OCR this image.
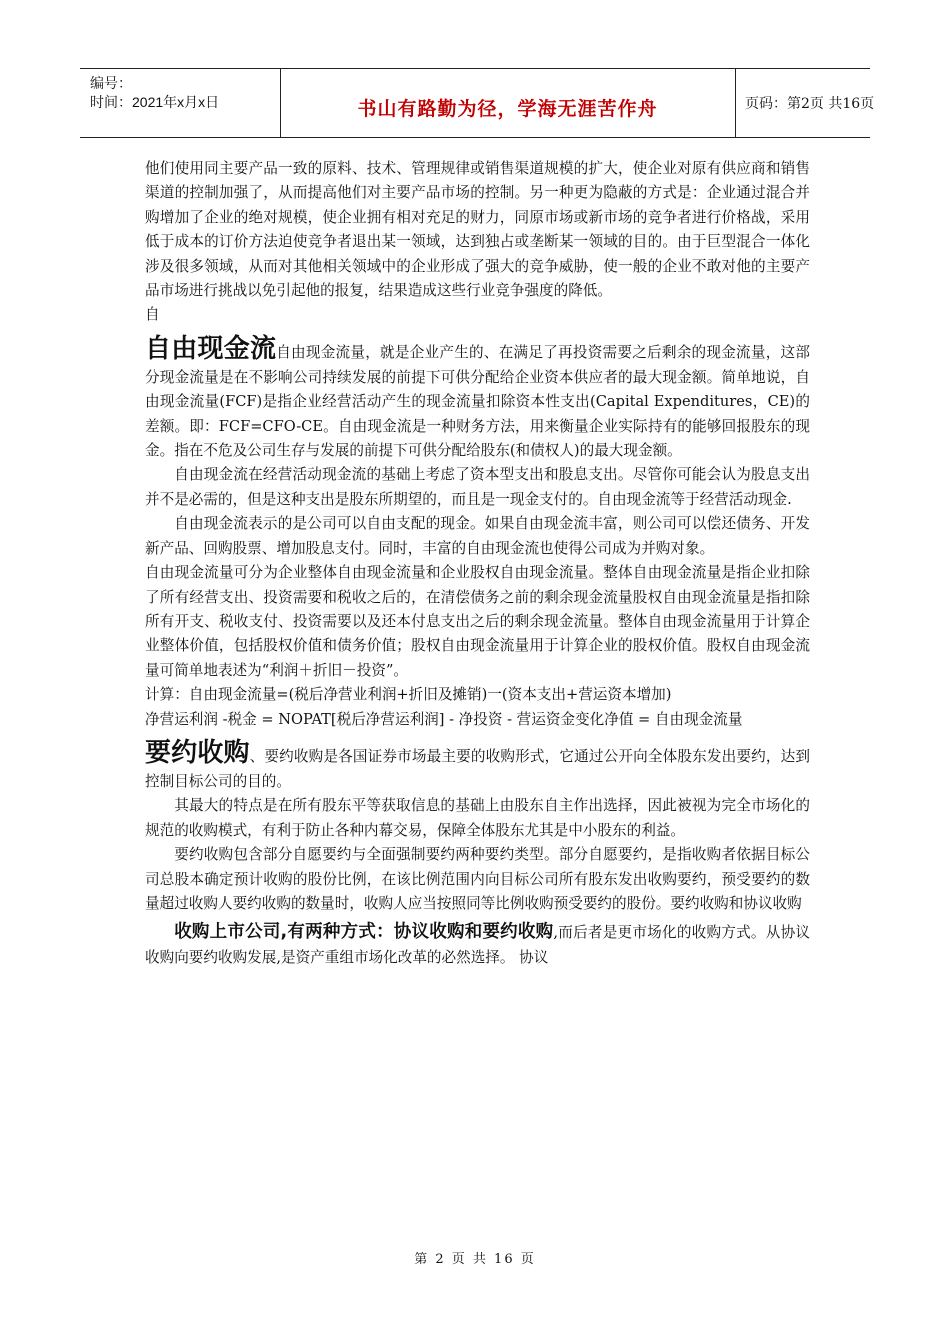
编号：
时间：2021年x月x日	书山有路勤为径，学海无涯苦作舟	页码：第2页 共16页

他们使用同主要产品一致的原料、技术、管理规律或销售渠道规模的扩大，使企业对原有供应商和销售渠道的控制加强了，从而提高他们对主要产品市场的控制。另一种更为隐蔽的方式是：企业通过混合并购增加了企业的绝对规模，使企业拥有相对充足的财力，同原市场或新市场的竞争者进行价格战，采用低于成本的订价方法迫使竞争者退出某一领域，达到独占或垄断某一领域的目的。由于巨型混合一体化涉及很多领域，从而对其他相关领域中的企业形成了强大的竞争威胁，使一般的企业不敢对他的主要产品市场进行挑战以免引起他的报复，结果造成这些行业竞争强度的降低。

自

自由现金流自由现金流量，就是企业产生的、在满足了再投资需要之后剩余的现金流量，这部分现金流量是在不影响公司持续发展的前提下可供分配给企业资本供应者的最大现金额。简单地说，自由现金流量(FCF)是指企业经营活动产生的现金流量扣除资本性支出(Capital Expenditures，CE)的差额。即：FCF=CFO-CE。自由现金流是一种财务方法，用来衡量企业实际持有的能够回报股东的现金。指在不危及公司生存与发展的前提下可供分配给股东(和债权人)的最大现金额。

自由现金流在经营活动现金流的基础上考虑了资本型支出和股息支出。尽管你可能会认为股息支出并不是必需的，但是这种支出是股东所期望的，而且是一现金支付的。自由现金流等于经营活动现金.

自由现金流表示的是公司可以自由支配的现金。如果自由现金流丰富，则公司可以偿还债务、开发新产品、回购股票、增加股息支付。同时，丰富的自由现金流也使得公司成为并购对象。

自由现金流量可分为企业整体自由现金流量和企业股权自由现金流量。整体自由现金流量是指企业扣除了所有经营支出、投资需要和税收之后的，在清偿债务之前的剩余现金流量股权自由现金流量是指扣除所有开支、税收支付、投资需要以及还本付息支出之后的剩余现金流量。整体自由现金流量用于计算企业整体价值，包括股权价值和债务价值；股权自由现金流量用于计算企业的股权价值。股权自由现金流量可简单地表述为“利润＋折旧－投资”。

计算：自由现金流量=(税后净营业利润+折旧及摊销)一(资本支出+营运资本增加)

净营运利润 -税金 = NOPAT[税后净营运利润] - 净投资 - 营运资金变化净值 = 自由现金流量

要约收购、要约收购是各国证券市场最主要的收购形式，它通过公开向全体股东发出要约，达到控制目标公司的目的。

其最大的特点是在所有股东平等获取信息的基础上由股东自主作出选择，因此被视为完全市场化的规范的收购模式，有利于防止各种内幕交易，保障全体股东尤其是中小股东的利益。

要约收购包含部分自愿要约与全面强制要约两种要约类型。部分自愿要约，是指收购者依据目标公司总股本确定预计收购的股份比例，在该比例范围内向目标公司所有股东发出收购要约，预受要约的数量超过收购人要约收购的数量时，收购人应当按照同等比例收购预受要约的股份。要约收购和协议收购

收购上市公司,有两种方式：协议收购和要约收购,而后者是更市场化的收购方式。从协议收购向要约收购发展,是资产重组市场化改革的必然选择。 协议

第 2 页 共 16 页
